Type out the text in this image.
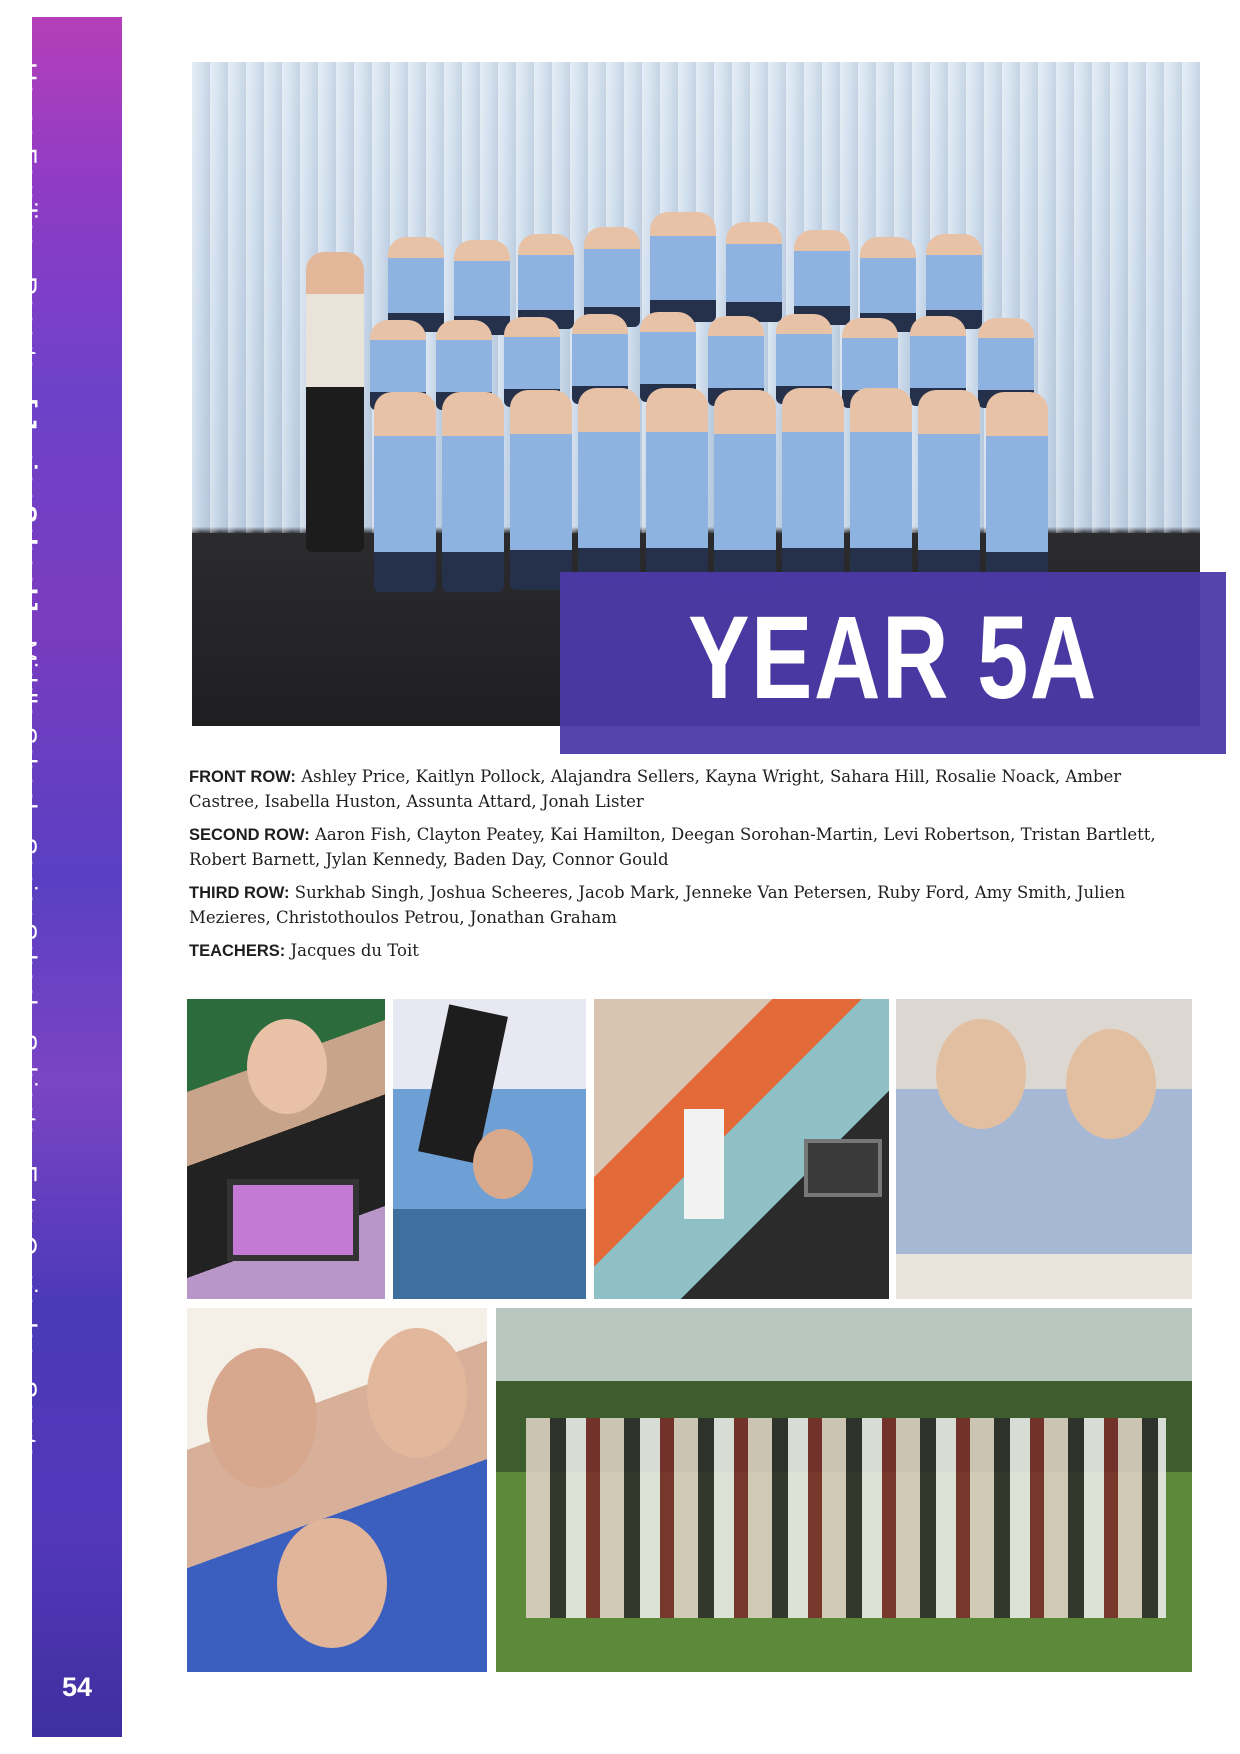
House Families
Reports
[ Junior School ]
Middle School
Senior School
Subjects
Extra Curricular
Sports
54
YEAR 5A

FRONT ROW: Ashley Price, Kaitlyn Pollock, Alajandra Sellers, Kayna Wright, Sahara Hill, Rosalie Noack, Amber Castree, Isabella Huston, Assunta Attard, Jonah Lister

SECOND ROW: Aaron Fish, Clayton Peatey, Kai Hamilton, Deegan Sorohan-Martin, Levi Robertson, Tristan Bartlett, Robert Barnett, Jylan Kennedy, Baden Day, Connor Gould

THIRD ROW: Surkhab Singh, Joshua Scheeres, Jacob Mark, Jenneke Van Petersen, Ruby Ford, Amy Smith, Julien Mezieres, Christothoulos Petrou, Jonathan Graham

TEACHERS: Jacques du Toit
